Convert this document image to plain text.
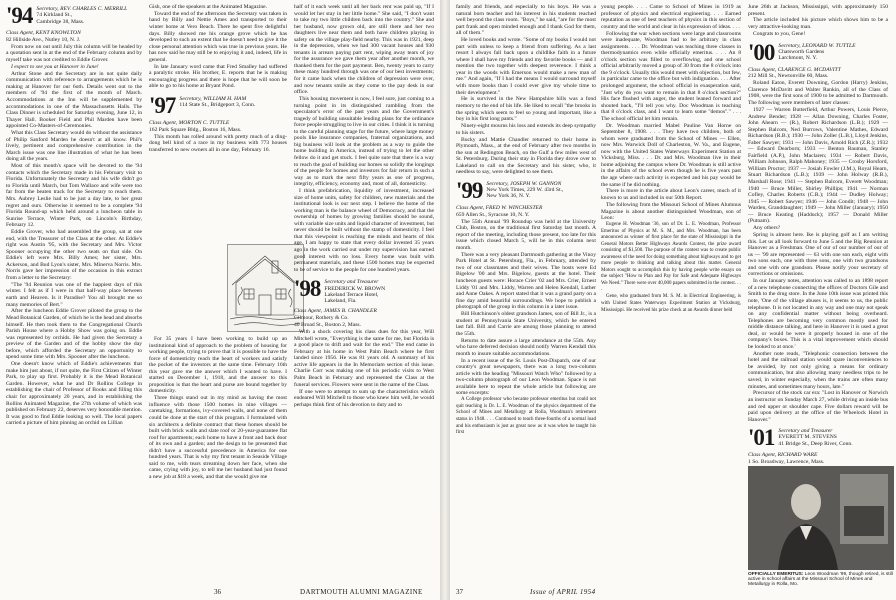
'94 Secretary, REV. CHARLES C. MERRILL
74 Kirkland St.,
Cambridge 38, Mass.

Class Agent, KENT KNOWLTON

82 Hillside Ave., Nutley 10, N. J.

From now on out until July this column will be headed by a quotation sent in at the end of the February column and by myself take was not credited to Eddie Grover.

I expect to see you at Hanover in June!

Arthur Stone and the Secretary are in not quite daily communication with reference to arrangements which he is making at Hanover for our 6oth. Details went out to the members of '94 the first of the month of March. Accommodations at the Inn will be supplemented by accommodations in one of the Massachusetts Halls. The Class Dinner is scheduled for Saturday evening, June 12, in Thayer Hall. Booker Field and Phil Marden have been appointed Co-Masters-of-Ceremonies.

What this Class Secretary would do without the assistance of Philip Sanford Marden he doesn't at all know. Phil's lively, pertinent and comprehensive contribution in the March issue was one line illustration of what he has been doing all the years.

Most of this month's space will be devoted to the '94 contacts which the Secretary made in his February visit to Florida. Unfortunately the Secretary and his wife didn't go to Florida until March, but Tom Wallace and wife were too far from the beaten track for the Secretary to reach them. Mrs. Aubrey Leslie had to be just a day late, to her great regret and ours. Otherwise it seemed to be a complete '94 Florida Round-up which held around a luncheon table in Sunrise Terrace, Winter Park, on Lincoln's Birthday, February 12.

Eddie Grover, who had assembled the group, sat at one end, with the Treasurer of the Class at the other. At Eddie's right was Austin '95, with the Secretary and Mrs. Victor Spooner occupying the other two seats on that side. On Eddie's left were Mrs. Billy Ames; her sister, Mrs. Ackerson, and Bud Lyon's sister, Mrs. Minerva Norris. Mrs. Norris gave her impression of the occasion in this extract from a letter to the Secretary:

"The '94 Reunion was one of the happiest days of this winter. I felt as if I were in that half-way place between earth and Heaven. Is it Paradise? You all brought me so many memories of Bert."

After the luncheon Eddie Grover piloted the group to the Mead Botanical Garden, of which he is the head and absorbs himself. He then took them to the Congregational Church Parish House where a Hobby Show was going on. Eddie was represented by orchids. He had given the Secretary a preview of the Garden and of the hobby show the day before, which afforded the Secretary an opportunity to spend some time with Mrs. Spooner after the luncheon.

One doesn't know which of Eddie's achievements that make him just about, if not quite, the First Citizen of Winter Park, to play up first. Probably it is the Mead Botanical Garden. However, what he and Dr Rollins College in establishing the chair of Professor of Books and filling this chair for approximately 20 years, and in establishing the Rollins Animated Magazine, the 27th volume of which was published on February 22, deserves very honorable mention. It was good to find Eddie looking so well. The local papers carried a picture of him pinning an orchid on Lillian

Gish, one of the speakers at the Animated Magazine.

Toward the end of the afternoon the Secretary was taken in hand by Billy and Nettie Ames and transported to their winter home at Vero Beach. There he spent five delightful days. Billy showed me his orange grove which he has developed to such an extent that he doesn't need to give it the close personal attention which was true in previous years. He has now said he may still be to enjoying it and, indeed, life in general.

In late January word came that Fred Smalley had suffered a paralytic stroke. His brother, E. reports that he is making encouraging progress and there is hope that he will soon be able to go to his home at Bryant Pond.

'97 Secretary, WILLIAM H. HAM
114 State St., Bridgeport 3, Conn.

Class Agent, MORTON C. TUTTLE

162 Park Square Bldg., Boston 16, Mass.

This month has rolled around with pretty much of a ding-dong bell kind of a race in my business with 773 houses transferred to new owners all in one day, February 16.

For 35 years I have been working to build up an institutional kind of approach to the problem of housing for working people, trying to prove that it is possible to have the force of domesticity reach the heart of workers and satisfy the pocket of the investors at the same time. February 16th this year gave me the answer which I wanted to have. I started on December 1, 1918, and the answer to this proposition is that the heart and purse are bound together by domesticity.

Three things stand out in my mind as having the most influence with those 1500 homes in nine villages — caretaking, formations, ivy-covered walls, and none of them could be done at the start of this program. I formulated with six architects a definite contract that these homes should be built with brick walls and slate roof or 20-year-guarantee flat roof for apartments; each home to have a front and back door of its own and a garden; and the design to be presented that didn't have a successful precedence in America for one hundred years. That is why my first tenant in Seaside Village said to me, with tears streaming down her face, when she came, crying with joy, to tell me her husband had just found a new job at $18 a week, and that she would give me

half of it each week until all her back rent was paid up, "If I would let her stay in her little home." She said, "I don't want to take my two little children back into the country." She and her husband, now grown old, are still there and her two daughters live near them and both have children playing in safety on the village play-field nearby. This was in 1921, deep in the depression, when we had 300 vacant houses and 930 tenants in arrears paying part rent, wiping away tears of joy for the assurance we gave them year after another month, we thanked them for the part payment. Ben, twenty years to carry these many hundred through was one of our best investments; for it came back when the children of depression were over, and now tenants smile as they come to the pay desk in our office.

This housing movement is now, I feel sure, just coming to a turning point in its distinguished rambling from the speculator's error of the past years and the Government's tragedy of building unsuitable lending plans for the ordinance force people struggling to live in our cities. I think it is turning to the careful planning stage for the future, where large money pools like insurance companies, fraternal organizations, and big business will look at the problem as a way to guide the home building in America, instead of trying to let the other fellow do it and get stuck. I feel quite sure that there is a way to reach the goal of building our homes so solidly the longings of the people for homes and investors for fair return in such a way as to mark the next fifty years as one of progress, integrity, efficiency, economy and, most of all, domesticity.

I think prefabrication, liquidity of investment, increased size of home units, safety for children, new materials and the institutional look is our next step. I believe the home of the working man is the balance wheel of Democracy, and that the ownership of homes by growing families should be sound, with variable size units and liquid character of investment, but never should be built without the stamp of domesticity. I feel that this viewpoint is reaching the minds and hearts of this age. I am happy to state that every dollar invested 35 years ago in the work carried out under my supervision has earned good interest with no loss. Every home was built with permanent materials, and these 1500 homes may be expected to be of service to the people for one hundred years.

'98 Secretary and Treasurer
FREDERICK W. BROWN
Lakeland Terrace Hotel,
Lakeland, Fla.

Class Agent, JAMES B. CHANDLER

Gilmour, Rothery & Co.

40 Broad St., Boston 2, Mass.

With a shock covering his class dues for this year, Will Mitchell wrote, "Everything is the same for me, but Florida is a good place to drift and wait for the end." The end came in February at his home in West Palm Beach where he first landed since 1956. He was 81 years old. A summary of his active life appears in the In Memoriam section of this issue. Charlie Corr was making one of his periodic visits to West Palm Beach in February and represented the Class at the funeral services. Flowers were sent in the name of the Class.

If one were to attempt to sum up the characteristics which endeared Will Mitchell to those who knew him well, he would perhaps think first of his devotion to duty and to

36	DARTMOUTH ALUMNI MAGAZINE

family and friends, and especially to his boys. He was a natural born teacher and his interest in his students reached well beyond the class room. "Boys," he said, "are for the most part frank and open minded enough and I thank God for them, all of them."

He loved books and wrote. "Some of my books I would not part with unless to keep a friend from suffering. As a last resort I always fall back upon a childlike faith in a future where I shall have my friends and my favorite books — and I mention the two together with deepest reverence. I think a year in the woods with Emerson would make a new man of me." And again, "If I had the means I would surround myself with more books than I could ever give my whole time to their development."

He is survived in the New Hampshire hills was a fond memory to the end of his life. He liked to recall "the brooks in the spring which seem to feel so young and important, like a boy in his first long pants."

Ninety-eight mourns his loss and extends its deep sympathy to his sisters.

Bucky and Mattie Chandler returned to their home in Plymouth, Mass., at the end of February after two months in the sun at Redington Beach, on the Gulf a few miles west of St. Petersburg. During their stay in Florida they drove over to Lakeland to call on the Secretary and his sister, who, it needless to say, were delighted to see them.

'99 Secretary, JOSEPH W. GANNON
New York Times, 229 W. 43rd St.,
New York 36, N. Y.

Class Agent, FRED W. WINCHESTER

659 Allen St., Syracuse 10, N. Y.

The 55th Annual '99 Roundup was held at the University Club, Boston, on the traditional first Saturday last month. A report of the meeting, including those present, too late for this issue which closed March 5, will be in this column next month.

There was a very pleasant Dartmouth gathering at the Vinoy Park Hotel at St. Petersburg, Fla., in February, attended by two of our classmates and their wives. The hosts were Ed Bigelow '00 and Mrs. Bigelow, guests at the hotel. Their luncheon guests were: Horace Crier '02 and Mrs. Crier, Ernest Liddy '01 and Mrs. Liddy, Warren and Helen Kendall, Luther and Anne Oakes. A report stated that it was a grand party on a fine day amid beautiful surroundings. We hope to publish a photograph of the group in this column in a later issue.

Bill Hutchinson's oldest grandson James, son of Bill Jr., is a student at Pennsylvania State University, which he entered last fall. Bill and Carrie are among those planning to attend the 55th.

Returns to date assure a large attendance at the 55th. Any who have deferred decision should notify Warren Kendall this month to insure suitable accommodations.

In a recent issue of the St. Louis Post-Dispatch, one of our country's great newspapers, there was a long two-column article with the heading "Missouri Watch Who" followed by a two-column photograph of our Leon Woodman. Space is not available here to repeat the whole article but following are some excerpts:

A College professor who became professor emeritus but could not quit teaching is Dr. L. E. Woodman of the physics department of the School of Mines and Metallurgy at Rolla, Woodman's retirement status in 1948. . . . Continued to teach three-fourths of a normal load and his enthusiasm is just as great now as it was when he taught his first

young people. . . . Came to School of Mines in 1919 as professor of physics and electrical engineering. . . . Earned reputation as one of best teachers of physics in this section of country and the world and clear in his expression of ideas. . . .

Following the war when sections were large and classrooms were inadequate, Woodman had to be arbitrary in class assignments. . . . Dr. Woodman was teaching three classes in thermodynamics even while officially emeritus. . . . An 8 o'clock section was filled to overflowing, and one school official arbitrarily moved a group of 30 from the 8 o'clock into the 9 o'clock. Usually this would meet with objection, but few, in particular came to the office but with indignation. . . . After prolonged argument, the school official in exasperation said, "Just why do you want to remain in that 8 o'clock section?" His face flushed with anger, the student leaned forward and shouted back, "I'll tell you why. Doc Woodman is teaching that 8 o'clock class, and I want to learn some ''demos''." . . . The school official let him remain.

Dr. Woodman married Mabel Pauline Van Horne on September 8, 1908. . . . They have two children, both of whom were graduated from the School of Mines — Ellen, now Mrs. Warwick Doll of Charleston, W. Va., and Eugene, now with the United States Waterways Experiment Station at Vicksburg, Miss. . . . Dr. and Mrs. Woodman live in their home adjoining the campus where Dr. Woodman is still active in the affairs of the school even though he is five years past the age where such activity is expected and his pay would be the same if he did nothing.

There is more in the article about Leon's career, much of it known to us and included in our 50th Report.

The following from the Missouri School of Mines Alumnus Magazine is about another distinguished Woodman, son of Leon:

Eugene H. Woodman '36, son of Dr. L. E. Woodman, Professor Emeritus of Physics at M. S. M., and Mrs. Woodman, has been announced as winner of first place for the state of Mississippi in the General Motors Better Highways Awards Contest, the prize award consisting of $1,500. The purpose of the contest was to create public awareness of the need for doing something about highways and to get more people to thinking and talking about this matter. General Motors sought to accomplish this by having people write essays on the subject "How to Plan and Pay for Safe and Adequate Highways We Need." There were over 40,000 papers submitted in the contest. . . .

Gene, who graduated from M. S. M. in Electrical Engineering, is with United States Waterways Experiment Station at Vicksburg, Mississippi. He received his prize check at an Awards dinner held

June 26th at Jackson, Mississippi, with approximately 150 present.

The article included his picture which shows him to be a very attractive-looking man.

Congrats to you, Gene!

'00 Secretary, LEONARD W. TUTTLE
Chatsworth Gardens
Larchmont, N. Y.

Class Agent, CLARENCE G. MCDAVITT

212 Mill St., Newtonville 60, Mass.

Roland Eaton, Everett Downing, Gordon (Harry) Jenkins, Clarence McDavitt and Walter Rankin, all of the Class of 1908, were the first sons of 1900 to be admitted to Dartmouth. The following were members of later classes:

1927 — Warren Butterfield, Arthur Powers, Louis Pierce, Andrew Bender; 1928 — Allan Downing, Charles Foster, John Ahearn — (R.), Robert Richardson (L.B.); 1929 — Stephen Balcom, Ned Burrows, Valentine Mathes, Edward Richardson (R.B.); 1930 — John Zoller (L.B.), Lloyd Jenkins, Faber Sawyer; 1931 — John Davis, Arnold Rich (Z.R.); 1932 — Edward Dearborn; 1933 — Benton Bauman, Stanley Fairfield (A.P.), John Maclaren; 1934 — Robert Davis, William Johnson, Ralph Mahoney; 1935 — Crosby Horsford, William Proctor; 1937 — Josiah Fowler (J.M.), Royal Hearn, Stuart Richardson (L.B.); 1939 — John Holway (R.B.), Marshall Rose; 1941 — Stephen Balcom, Everett Woodman; 1940 — Bruce Miller, Shirley Phillips; 1941 — Norman Cofley, Charles Roberts (C.R.); 1944 — Dudley Holway; 1945 — Robert Sawyer; 1946 — John Condit; 1948 — John Warden, Granddaughter; 1949 — John Miller (January); 1950 — Bruce Keating (Haddock); 1957 — Donald Miller (Putnam).

Any others?

Spring is almost here. Ike is playing golf as I am writing this. Let us all look forward to June 5 and the Big Reunion at Hanover as a Freshman. One of our of our number of our of us — '99 are represented — 63 with one son each, eight with two sons each, one with three sons, one with two grandsons and one with one grandson. Please notify your secretary of corrections or omissions.

In our January notes, attention was called to an 1898 report of a new telephone connecting the offices of Doctors Gile and Smith to the drug store. In the June 10th issue was printed this note, 'One of the village abuses is, it seems to us, the public telephone. It is not located in any way and one may not speak on any confidential matter without being overheard. Telephones are becoming very common mostly used for middle distance talking, and here in Hanover it is used a great deal, or would be were it properly housed in one of the company's boxes. This is a vital improvement which should be looked to at once.'

Another note reads, "Telephonic connection between the hotel and the railroad station would spare inconveniences to be avoided, by not only giving a means for ordinary communication, but also allowing many needless trips to be saved, in winter especially, when the trains are often many minutes, and sometimes many hours, late."

Precursor of the stock car era: "Lost in Hanover or Norwich an instructor on Sunday March 27, while driving an inside bus and red upper or shoulder cape. Five dollars reward will be paid upon delivery at the office of the Wheelock Hotel in Hanover."

'01 Secretary and Treasurer
EVERETT M. STEVENS
41 Bridge St., Deep River, Conn.

Class Agent, RICHARD WARE

1 So. Broadway, Lawrence, Mass.

37	Issue of APRIL 1954
OFFICIALLY EMERITUS: Leon Woodman '99, though retired, is still active in school affairs at the Missouri School of Mines and Metallurgy in Rolla, Mo.
